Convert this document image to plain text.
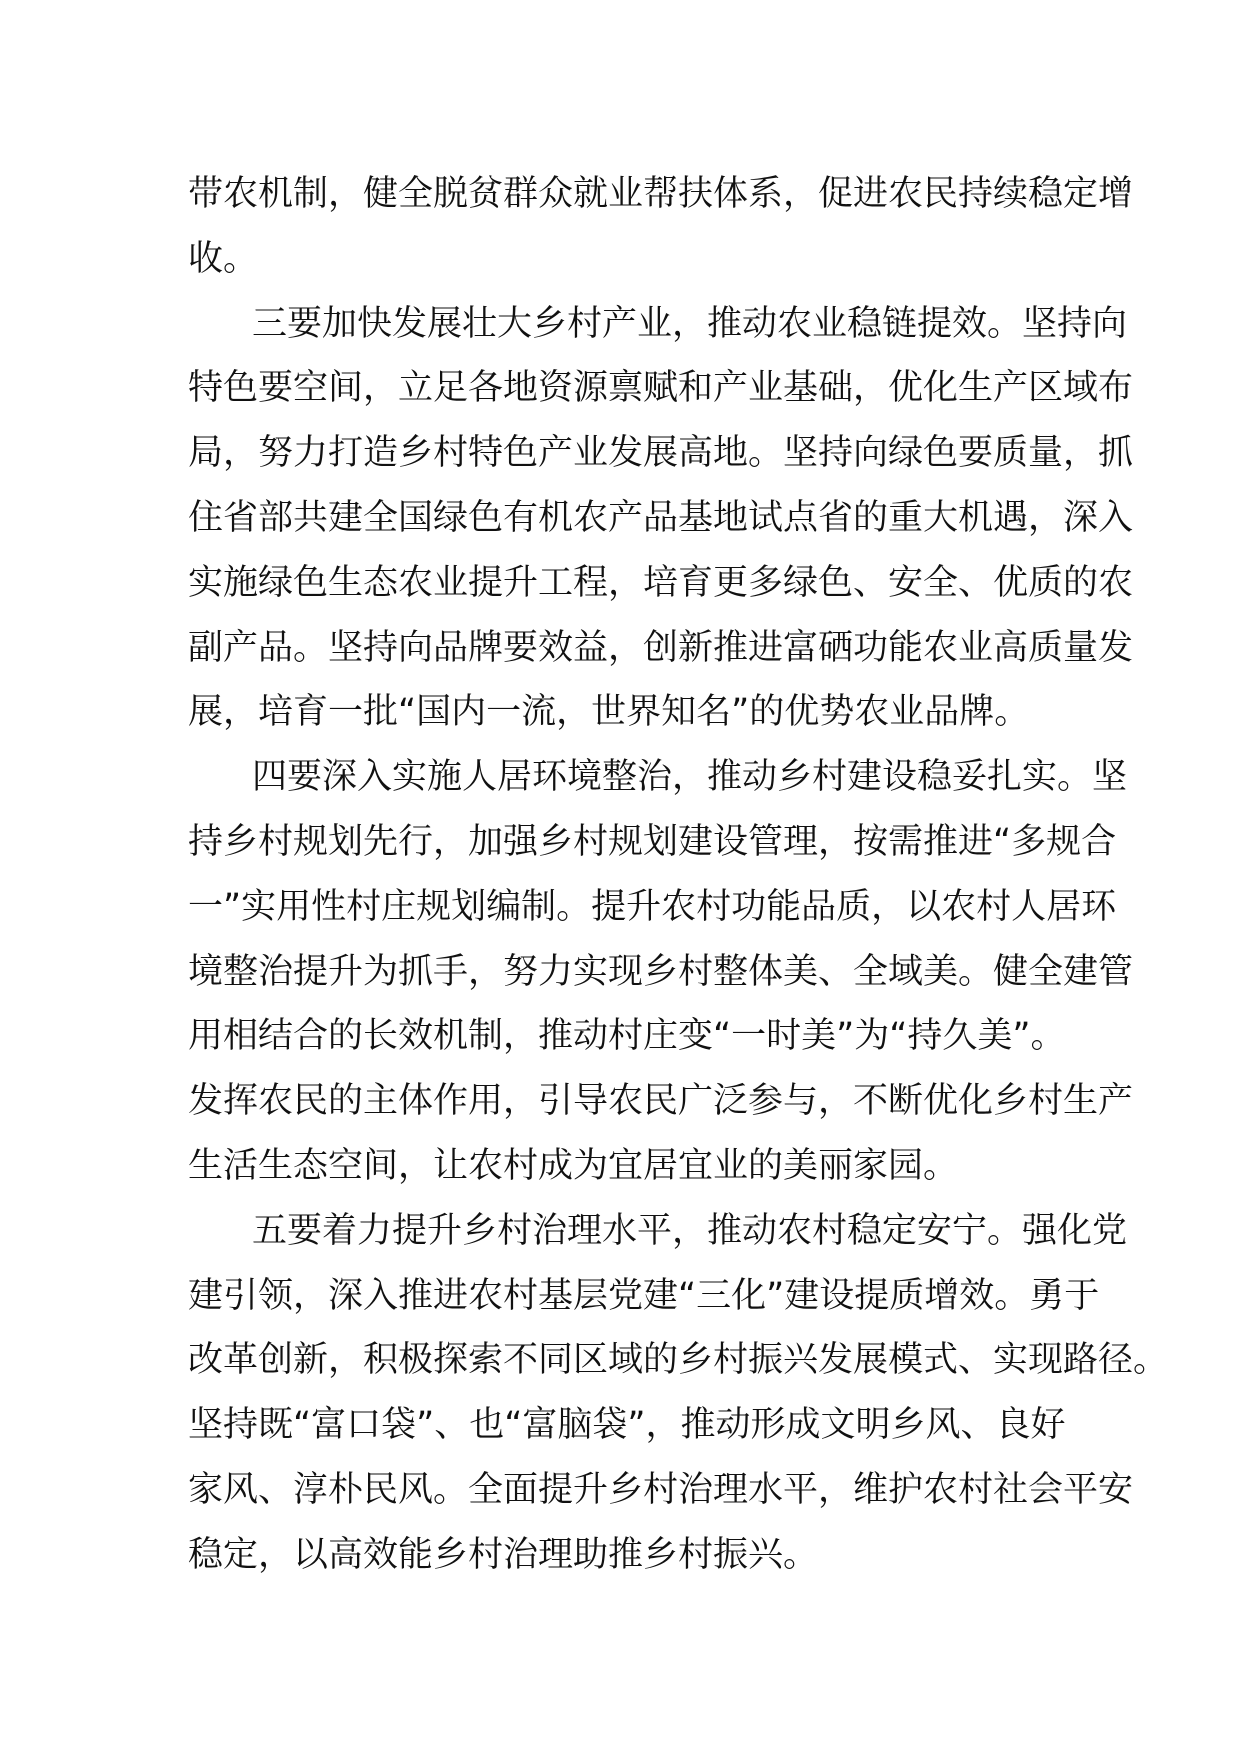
带农机制，健全脱贫群众就业帮扶体系，促进农民持续稳定增
收。
三要加快发展壮大乡村产业，推动农业稳链提效。坚持向
特色要空间，立足各地资源禀赋和产业基础，优化生产区域布
局，努力打造乡村特色产业发展高地。坚持向绿色要质量，抓
住省部共建全国绿色有机农产品基地试点省的重大机遇，深入
实施绿色生态农业提升工程，培育更多绿色、安全、优质的农
副产品。坚持向品牌要效益，创新推进富硒功能农业高质量发
展，培育一批“国内一流，世界知名”的优势农业品牌。
四要深入实施人居环境整治，推动乡村建设稳妥扎实。坚
持乡村规划先行，加强乡村规划建设管理，按需推进“多规合
一”实用性村庄规划编制。提升农村功能品质，以农村人居环
境整治提升为抓手，努力实现乡村整体美、全域美。健全建管
用相结合的长效机制，推动村庄变“一时美”为“持久美”。
发挥农民的主体作用，引导农民广泛参与，不断优化乡村生产
生活生态空间，让农村成为宜居宜业的美丽家园。
五要着力提升乡村治理水平，推动农村稳定安宁。强化党
建引领，深入推进农村基层党建“三化”建设提质增效。勇于
改革创新，积极探索不同区域的乡村振兴发展模式、实现路径。
坚持既“富口袋”、也“富脑袋”，推动形成文明乡风、良好
家风、淳朴民风。全面提升乡村治理水平，维护农村社会平安
稳定，以高效能乡村治理助推乡村振兴。
